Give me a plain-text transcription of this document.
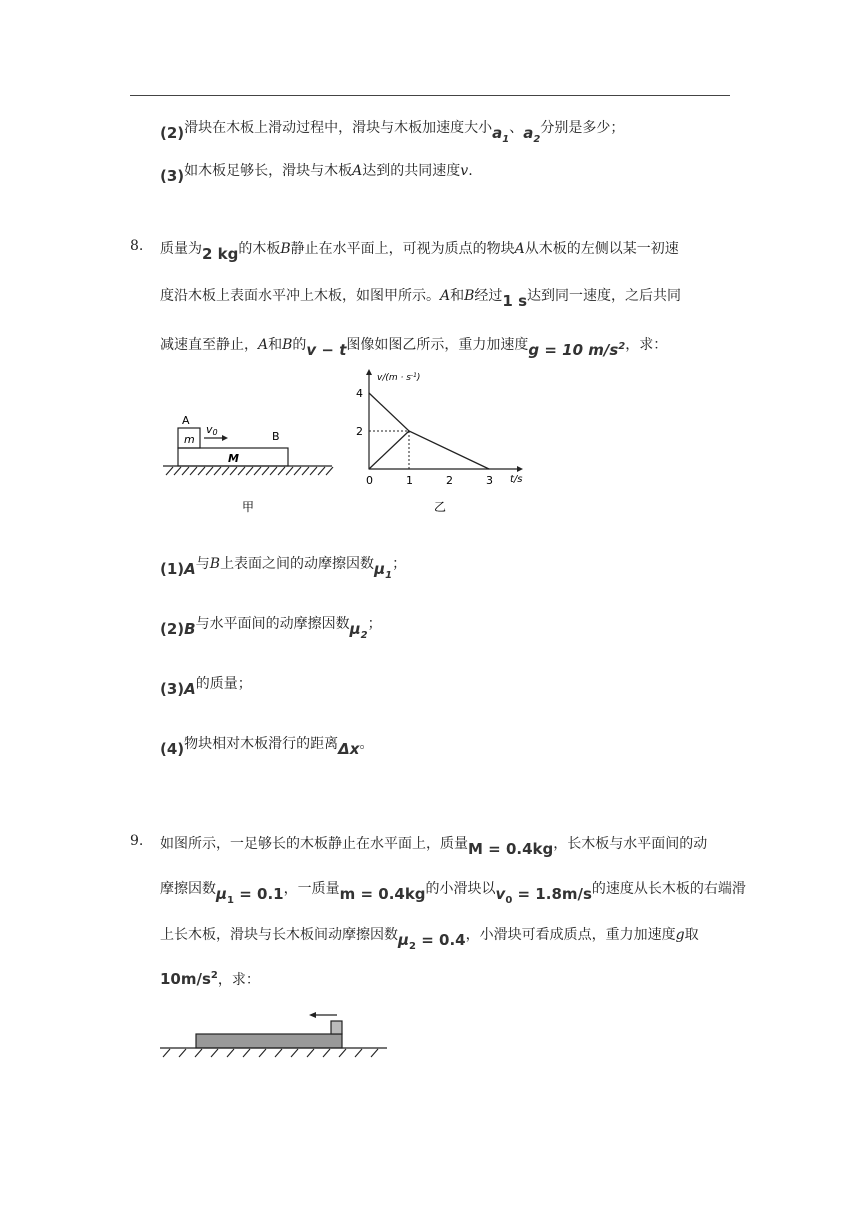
(2)滑块在木板上滑动过程中，滑块与木板加速度大小$a_1$、$a_2$分别是多少；
(3)如木板足够长，滑块与木板A达到的共同速度v.
8. 质量为2 kg的木板B静止在水平面上，可视为质点的物块A从木板的左侧以某一初速
度沿木板上表面水平冲上木板，如图甲所示。A和B经过1 s达到同一速度，之后共同
减速直至静止，A和B的v − t图像如图乙所示，重力加速度g = 10 $m/s^2$，求：
A
m
v0	B
M
甲
0	1	2	3
2
4
$v/(m \cdot s^{-1})$
t/s
乙
(1)A与B上表面之间的动摩擦因数$\mu_1$；
(2)B与水平面间的动摩擦因数$\mu_2$；
(3)A的质量；
(4)物块相对木板滑行的距离Δx。
9. 如图所示，一足够长的木板静止在水平面上，质量M = 0.4kg，长木板与水平面间的动
摩擦因数$\mu_1 = 0.1$，一质量m = 0.4kg的小滑块以$v_0 = 1.8m/s$的速度从长木板的右端滑
上长木板，滑块与长木板间动摩擦因数$\mu_2 = 0.4$，小滑块可看成质点，重力加速度g取
$10m/s^2$，求：
